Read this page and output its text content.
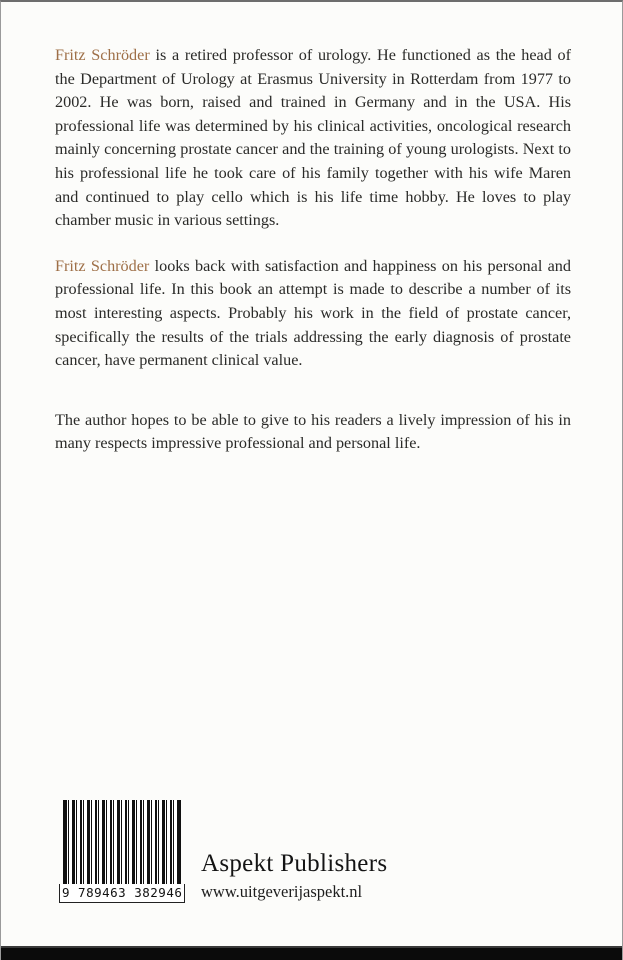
Fritz Schröder is a retired professor of urology. He functioned as the head of the Department of Urology at Erasmus University in Rotterdam from 1977 to 2002. He was born, raised and trained in Germany and in the USA. His professional life was determined by his clinical activities, oncological research mainly concerning prostate cancer and the training of young urologists. Next to his professional life he took care of his family together with his wife Maren and continued to play cello which is his life time hobby. He loves to play chamber music in various settings.

Fritz Schröder looks back with satisfaction and happiness on his personal and professional life. In this book an attempt is made to describe a number of its most interesting aspects. Probably his work in the field of prostate cancer, specifically the results of the trials addressing the early diagnosis of prostate cancer, have permanent clinical value.

The author hopes to be able to give to his readers a lively impression of his in many respects impressive professional and personal life.

9 789463 382946
Aspekt Publishers
www.uitgeverijaspekt.nl
